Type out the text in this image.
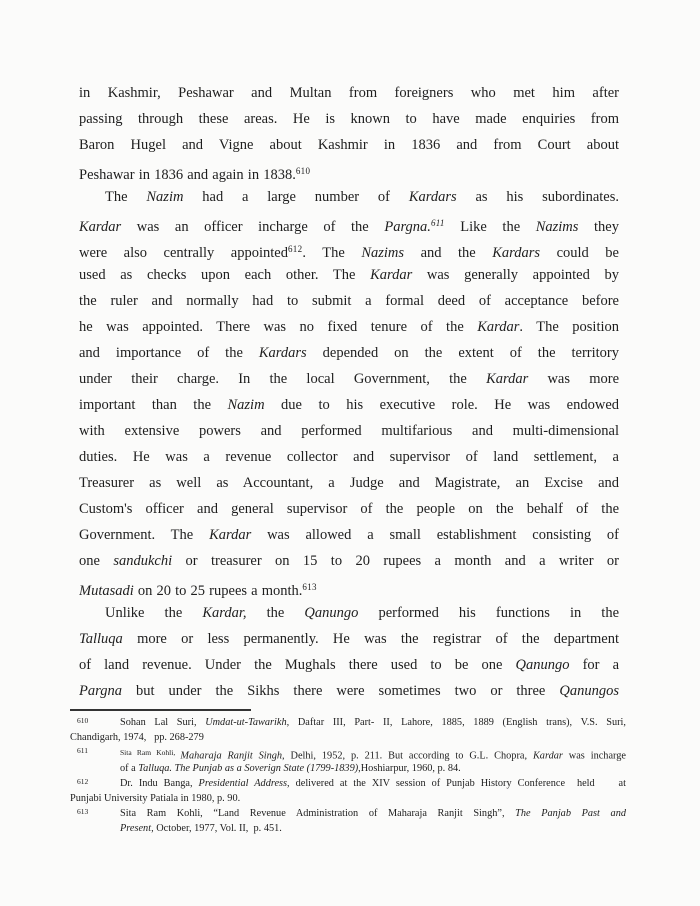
in Kashmir, Peshawar and Multan from foreigners who met him after
passing through these areas. He is known to have made enquiries from
Baron Hugel and Vigne about Kashmir in 1836 and from Court about
Peshawar in 1836 and again in 1838.$^{610}$
The Nazim had a large number of Kardars as his subordinates.
Kardar was an officer incharge of the Pargna.$^{611}$ Like the Nazims they
were also centrally appointed$^{612}$. The Nazims and the Kardars could be
used as checks upon each other. The Kardar was generally appointed by
the ruler and normally had to submit a formal deed of acceptance before
he was appointed. There was no fixed tenure of the Kardar. The position
and importance of the Kardars depended on the extent of the territory
under their charge. In the local Government, the Kardar was more
important than the Nazim due to his executive role. He was endowed
with extensive powers and performed multifarious and multi-dimensional
duties. He was a revenue collector and supervisor of land settlement, a
Treasurer as well as Accountant, a Judge and Magistrate, an Excise and
Custom's officer and general supervisor of the people on the behalf of the
Government. The Kardar was allowed a small establishment consisting of
one sandukchi or treasurer on 15 to 20 rupees a month and a writer or
Mutasadi on 20 to 25 rupees a month.$^{613}$
Unlike the Kardar, the Qanungo performed his functions in the
Talluqa more or less permanently. He was the registrar of the department
of land revenue. Under the Mughals there used to be one Qanungo for a
Pargna but under the Sikhs there were sometimes two or three Qanungos
610	Sohan Lal Suri, Umdat-ut-Tawarikh, Daftar III, Part- II, Lahore, 1885, 1889 (English trans), V.S. Suri,
Chandigarh, 1974,   pp. 268-279
611	$^{Sita Ram Kohli,}$ Maharaja Ranjit Singh, Delhi, 1952, p. 211. But according to G.L. Chopra, Kardar was incharge
of a Talluqa. The Punjab as a Soverign State (1799-1839),Hoshiarpur, 1960, p. 84.
612	Dr. Indu Banga, Presidential Address, delivered at the XIV session of Punjab History Conference  held    at
Punjabi University Patiala in 1980, p. 90.
613	Sita Ram Kohli, “Land Revenue Administration of Maharaja Ranjit Singh”, The Panjab Past and
Present, October, 1977, Vol. II,  p. 451.
